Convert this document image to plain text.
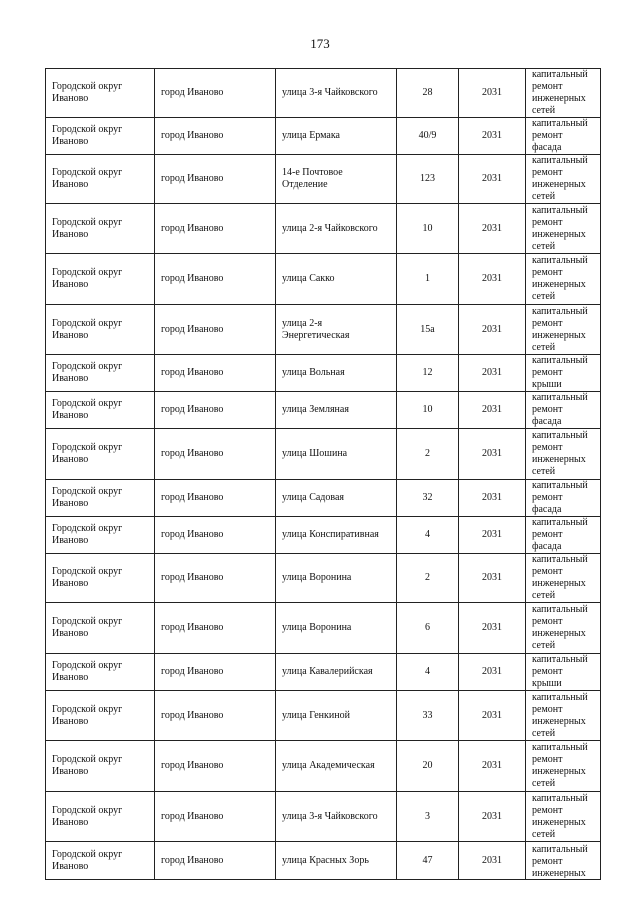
173
Городской округ Иваново	город Иваново	улица 3-я Чайковского	28	2031	капитальный ремонт инженерных сетей
Городской округ Иваново	город Иваново	улица Ермака	40/9	2031	капитальный ремонт фасада
Городской округ Иваново	город Иваново	14-е Почтовое Отделение	123	2031	капитальный ремонт инженерных сетей
Городской округ Иваново	город Иваново	улица 2-я Чайковского	10	2031	капитальный ремонт инженерных сетей
Городской округ Иваново	город Иваново	улица Сакко	1	2031	капитальный ремонт инженерных сетей
Городской округ Иваново	город Иваново	улица 2-я Энергетическая	15а	2031	капитальный ремонт инженерных сетей
Городской округ Иваново	город Иваново	улица Вольная	12	2031	капитальный ремонт крыши
Городской округ Иваново	город Иваново	улица Земляная	10	2031	капитальный ремонт фасада
Городской округ Иваново	город Иваново	улица Шошина	2	2031	капитальный ремонт инженерных сетей
Городской округ Иваново	город Иваново	улица Садовая	32	2031	капитальный ремонт фасада
Городской округ Иваново	город Иваново	улица Конспиративная	4	2031	капитальный ремонт фасада
Городской округ Иваново	город Иваново	улица Воронина	2	2031	капитальный ремонт инженерных сетей
Городской округ Иваново	город Иваново	улица Воронина	6	2031	капитальный ремонт инженерных сетей
Городской округ Иваново	город Иваново	улица Кавалерийская	4	2031	капитальный ремонт крыши
Городской округ Иваново	город Иваново	улица Генкиной	33	2031	капитальный ремонт инженерных сетей
Городской округ Иваново	город Иваново	улица Академическая	20	2031	капитальный ремонт инженерных сетей
Городской округ Иваново	город Иваново	улица 3-я Чайковского	3	2031	капитальный ремонт инженерных сетей
Городской округ Иваново	город Иваново	улица Красных Зорь	47	2031	капитальный ремонт инженерных
